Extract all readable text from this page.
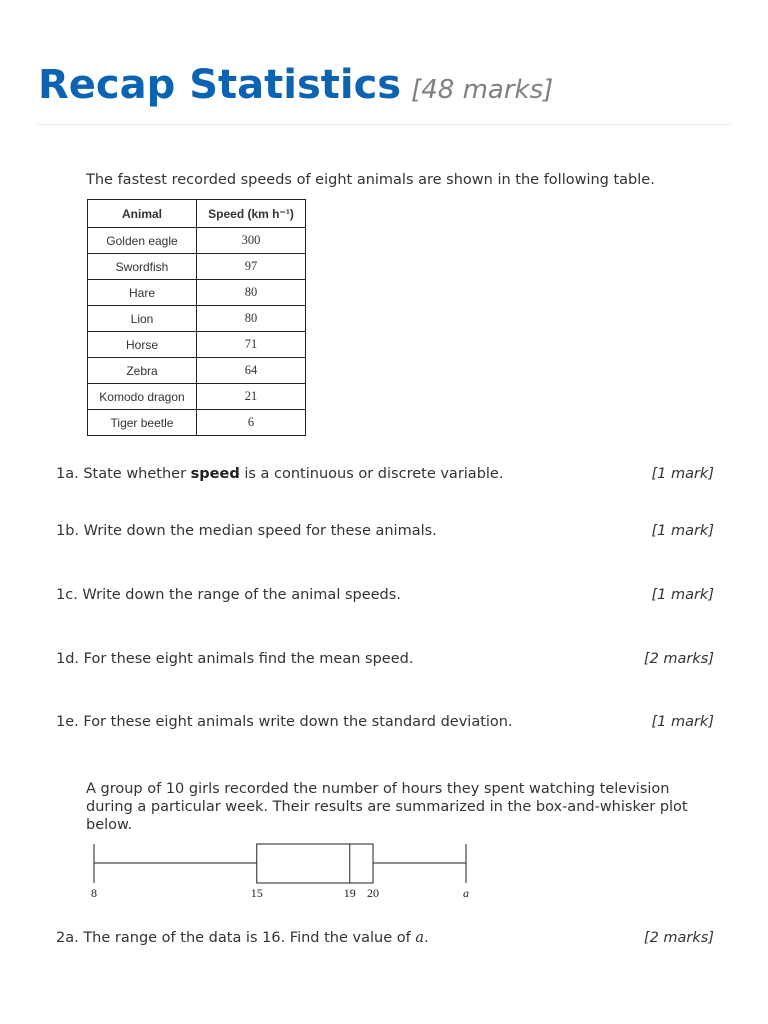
Recap Statistics [48 marks]
The fastest recorded speeds of eight animals are shown in the following table.
Animal	Speed (km h⁻¹)
Golden eagle	300
Swordfish	97
Hare	80
Lion	80
Horse	71
Zebra	64
Komodo dragon	21
Tiger beetle	6
1a. State whether speed is a continuous or discrete variable.	[1 mark]
1b. Write down the median speed for these animals.	[1 mark]
1c. Write down the range of the animal speeds.	[1 mark]
1d. For these eight animals find the mean speed.	[2 marks]
1e. For these eight animals write down the standard deviation.	[1 mark]
A group of 10 girls recorded the number of hours they spent watching television during a particular week. Their results are summarized in the box-and-whisker plot below.
8	15	19 20	a
2a. The range of the data is 16. Find the value of a.	[2 marks]
